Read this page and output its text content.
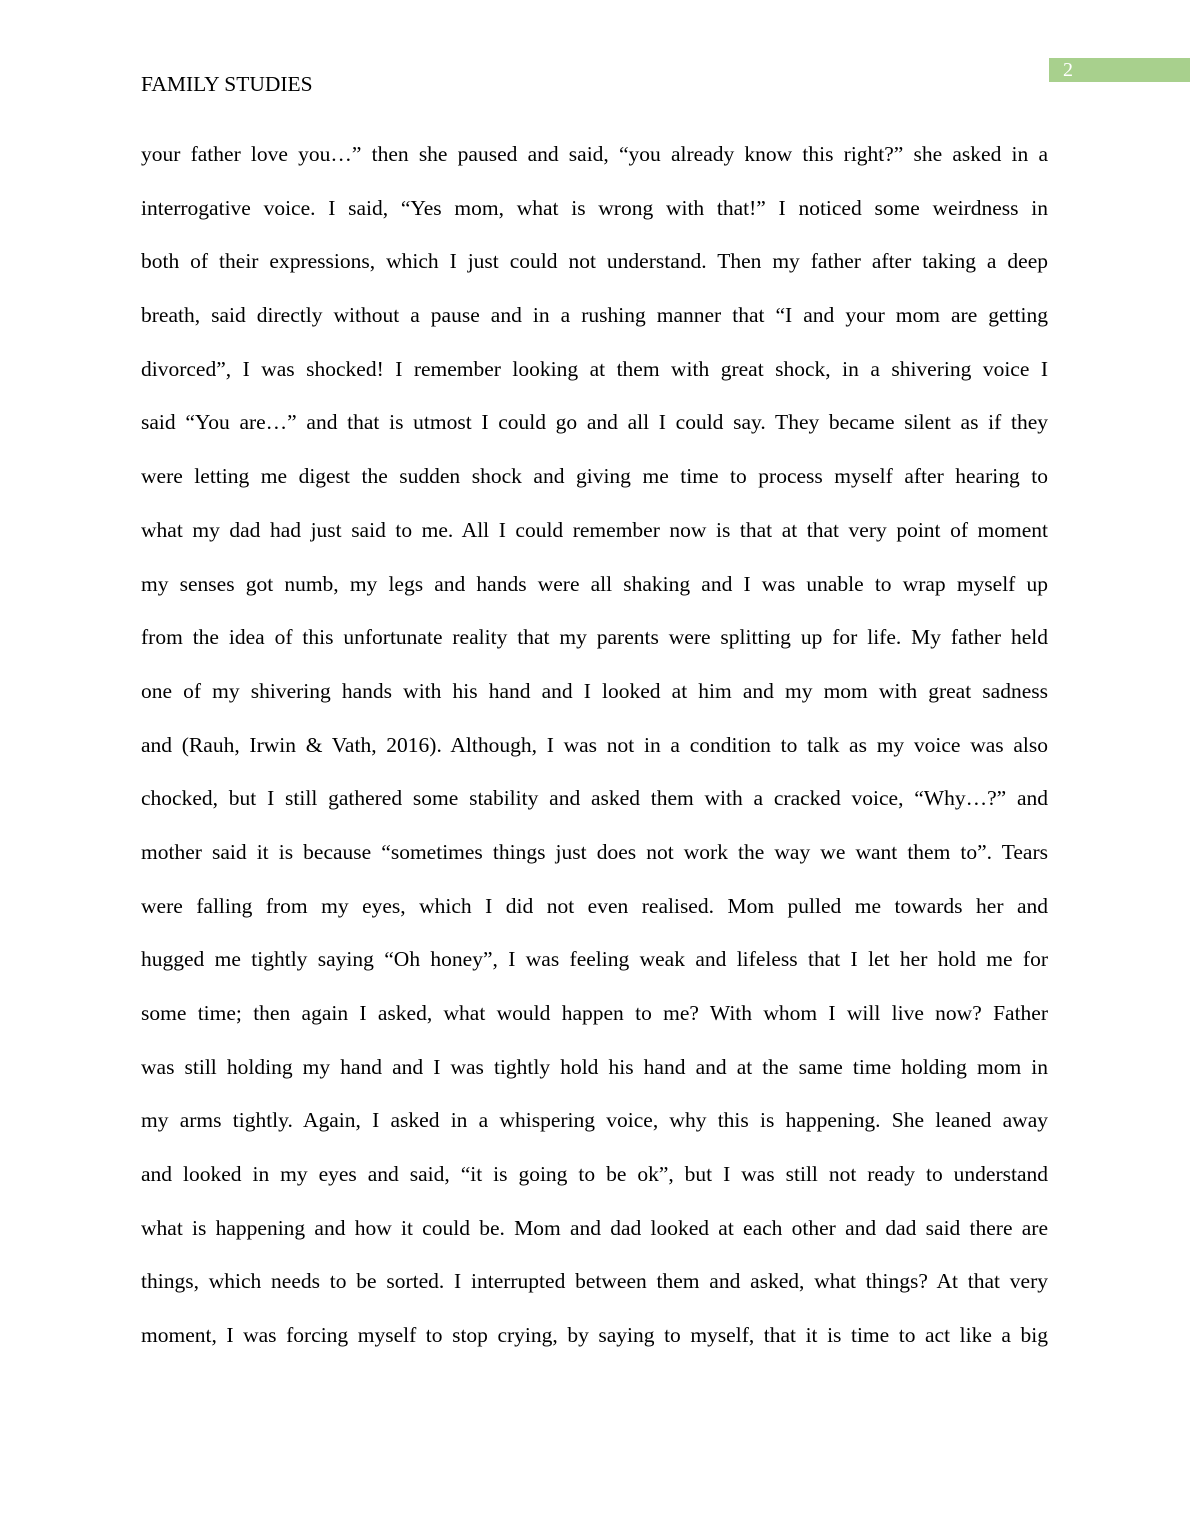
2
FAMILY STUDIES
your father love you…” then she paused and said, “you already know this right?” she asked in a
interrogative voice. I said, “Yes mom, what is wrong with that!” I noticed some weirdness in
both of their expressions, which I just could not understand. Then my father after taking a deep
breath, said directly without a pause and in a rushing manner that “I and your mom are getting
divorced”, I was shocked! I remember looking at them with great shock, in a shivering voice I
said “You are…” and that is utmost I could go and all I could say. They became silent as if they
were letting me digest the sudden shock and giving me time to process myself after hearing to
what my dad had just said to me. All I could remember now is that at that very point of moment
my senses got numb, my legs and hands were all shaking and I was unable to wrap myself up
from the idea of this unfortunate reality that my parents were splitting up for life. My father held
one of my shivering hands with his hand and I looked at him and my mom with great sadness
and (Rauh, Irwin & Vath, 2016). Although, I was not in a condition to talk as my voice was also
chocked, but I still gathered some stability and asked them with a cracked voice, “Why…?” and
mother said it is because “sometimes things just does not work the way we want them to”. Tears
were falling from my eyes, which I did not even realised. Mom pulled me towards her and
hugged me tightly saying “Oh honey”, I was feeling weak and lifeless that I let her hold me for
some time; then again I asked, what would happen to me? With whom I will live now? Father
was still holding my hand and I was tightly hold his hand and at the same time holding mom in
my arms tightly. Again, I asked in a whispering voice, why this is happening. She leaned away
and looked in my eyes and said, “it is going to be ok”, but I was still not ready to understand
what is happening and how it could be. Mom and dad looked at each other and dad said there are
things, which needs to be sorted. I interrupted between them and asked, what things? At that very
moment, I was forcing myself to stop crying, by saying to myself, that it is time to act like a big
